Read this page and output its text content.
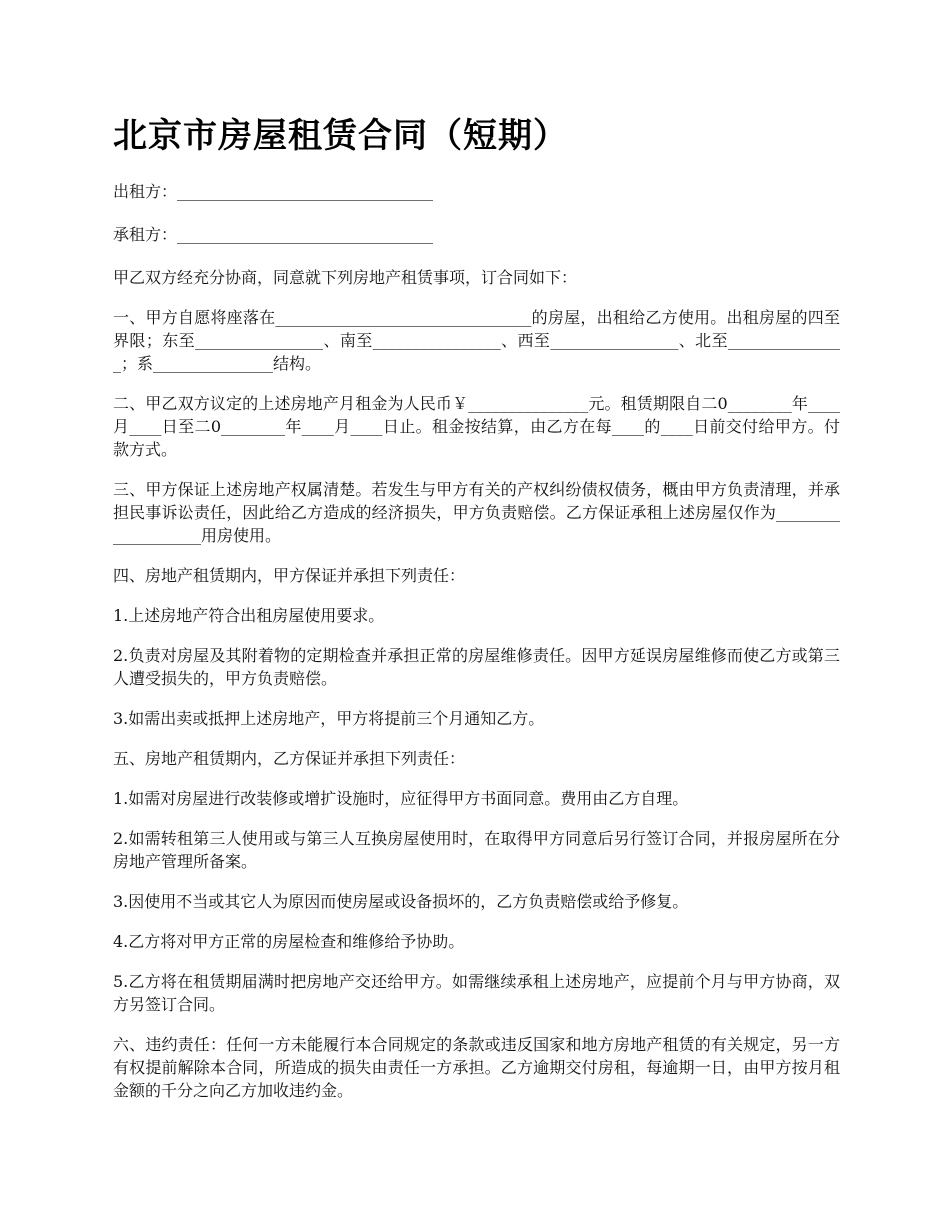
北京市房屋租赁合同（短期）

出租方：________________________________

承租方：________________________________

甲乙双方经充分协商，同意就下列房地产租赁事项，订合同如下：

一、甲方自愿将座落在________________________________的房屋，出租给乙方使用。出租房屋的四至界限；东至________________、南至________________、西至________________、北至_______________；系_______________结构。

二、甲乙双方议定的上述房地产月租金为人民币￥_______________元。租赁期限自二0________年____月____日至二0________年____月____日止。租金按结算，由乙方在每____的____日前交付给甲方。付款方式。

三、甲方保证上述房地产权属清楚。若发生与甲方有关的产权纠纷债权债务，概由甲方负责清理，并承担民事诉讼责任，因此给乙方造成的经济损失，甲方负责赔偿。乙方保证承租上述房屋仅作为___________________用房使用。

四、房地产租赁期内，甲方保证并承担下列责任：

1.上述房地产符合出租房屋使用要求。

2.负责对房屋及其附着物的定期检查并承担正常的房屋维修责任。因甲方延误房屋维修而使乙方或第三人遭受损失的，甲方负责赔偿。

3.如需出卖或抵押上述房地产，甲方将提前三个月通知乙方。

五、房地产租赁期内，乙方保证并承担下列责任：

1.如需对房屋进行改装修或增扩设施时，应征得甲方书面同意。费用由乙方自理。

2.如需转租第三人使用或与第三人互换房屋使用时，在取得甲方同意后另行签订合同，并报房屋所在分房地产管理所备案。

3.因使用不当或其它人为原因而使房屋或设备损坏的，乙方负责赔偿或给予修复。

4.乙方将对甲方正常的房屋检查和维修给予协助。

5.乙方将在租赁期届满时把房地产交还给甲方。如需继续承租上述房地产，应提前个月与甲方协商，双方另签订合同。

六、违约责任：任何一方未能履行本合同规定的条款或违反国家和地方房地产租赁的有关规定，另一方有权提前解除本合同，所造成的损失由责任一方承担。乙方逾期交付房租，每逾期一日，由甲方按月租金额的千分之向乙方加收违约金。
